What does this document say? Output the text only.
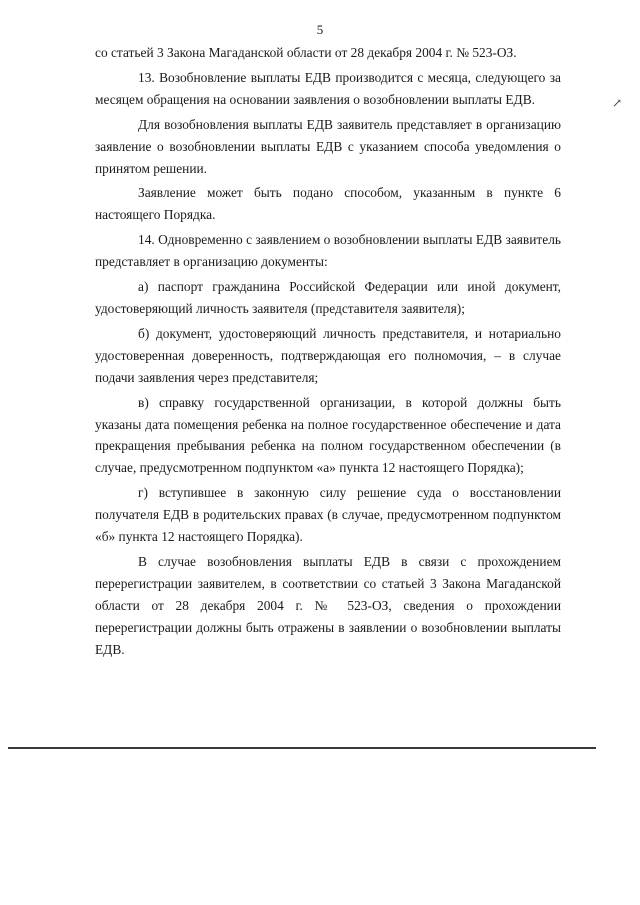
5
↗

со статьей 3 Закона Магаданской области от 28 декабря 2004 г. № 523-ОЗ.

13. Возобновление выплаты ЕДВ производится с месяца, следующего за месяцем обращения на основании заявления о возобновлении выплаты ЕДВ.

Для возобновления выплаты ЕДВ заявитель представляет в организацию заявление о возобновлении выплаты ЕДВ с указанием способа уведомления о принятом решении.

Заявление может быть подано способом, указанным в пункте 6 настоящего Порядка.

14. Одновременно с заявлением о возобновлении выплаты ЕДВ заявитель представляет в организацию документы:

а) паспорт гражданина Российской Федерации или иной документ, удостоверяющий личность заявителя (представителя заявителя);

б) документ, удостоверяющий личность представителя, и нотариально удостоверенная доверенность, подтверждающая его полномочия, – в случае подачи заявления через представителя;

в) справку государственной организации, в которой должны быть указаны дата помещения ребенка на полное государственное обеспечение и дата прекращения пребывания ребенка на полном государственном обеспечении (в случае, предусмотренном подпунктом «а» пункта 12 настоящего Порядка);

г) вступившее в законную силу решение суда о восстановлении получателя ЕДВ в родительских правах (в случае, предусмотренном подпунктом «б» пункта 12 настоящего Порядка).

В случае возобновления выплаты ЕДВ в связи с прохождением перерегистрации заявителем, в соответствии со статьей 3 Закона Магаданской области от 28 декабря 2004 г. № 523-ОЗ, сведения о прохождении перерегистрации должны быть отражены в заявлении о возобновлении выплаты ЕДВ.
